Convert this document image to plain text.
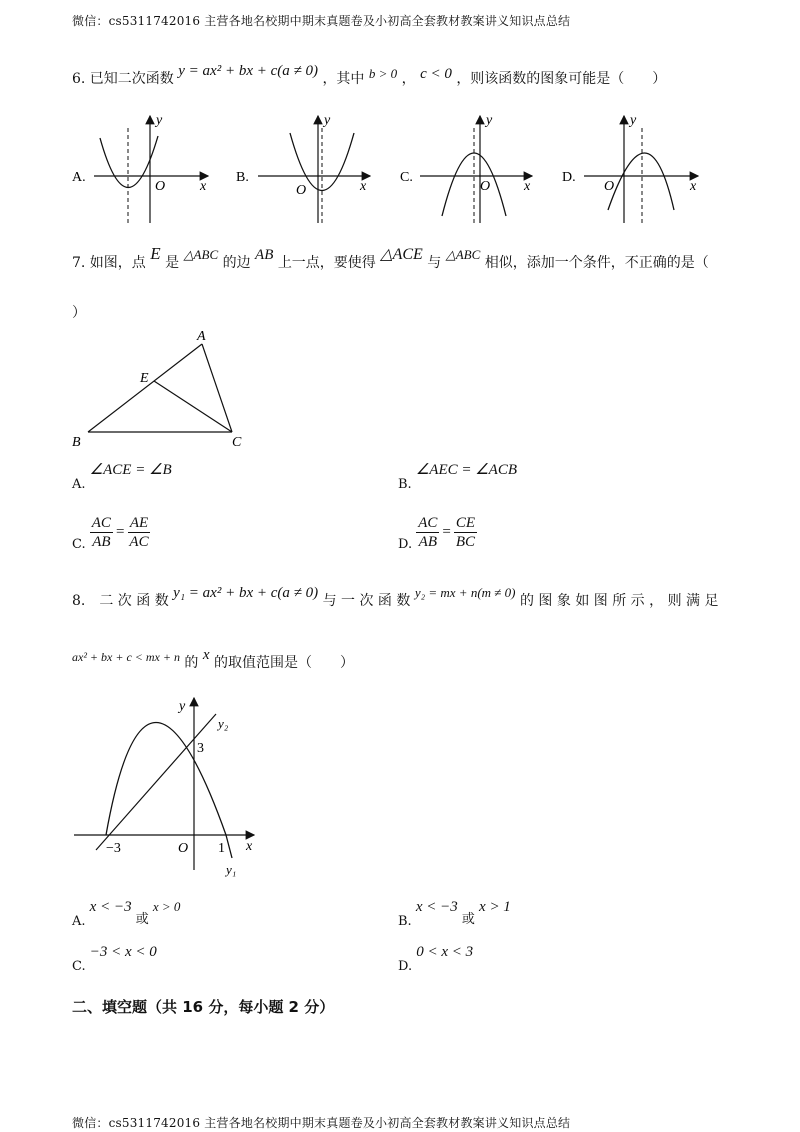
微信：cs5311742016 主营各地名校期中期末真题卷及小初高全套教材教案讲义知识点总结
6. 已知二次函数 y = ax² + bx + c(a ≠ 0) ，其中 b > 0 ， c < 0 ，则该函数的图象可能是（　　）
A.
x
y
O
B.
x
y
O
C.
x
y
O
D.
x
y
O
7. 如图，点 E 是 △ABC 的边 AB 上一点，要使得 △ACE 与 △ABC 相似，添加一个条件，不正确的是（
）
A
B	C
E
A. ∠ACE = ∠B
B. ∠AEC = ∠ACB
C. $\frac{AC}{AB} = \frac{AE}{AC}$	D. $\frac{AC}{AB} = \frac{CE}{BC}$
8.　二 次 函 数 y₁ = ax² + bx + c(a ≠ 0) 与 一 次 函 数 y₂ = mx + n(m ≠ 0) 的 图 象 如 图 所 示 ， 则 满 足
ax² + bx + c < mx + n 的 x 的取值范围是（　　）
y
x
y₂
y₁
3
−3	O 1
A. x < −3 或 x > 0
B. x < −3 或 x > 1
C. −3 < x < 0
D. 0 < x < 3
二、填空题（共 16 分，每小题 2 分）
微信：cs5311742016 主营各地名校期中期末真题卷及小初高全套教材教案讲义知识点总结
